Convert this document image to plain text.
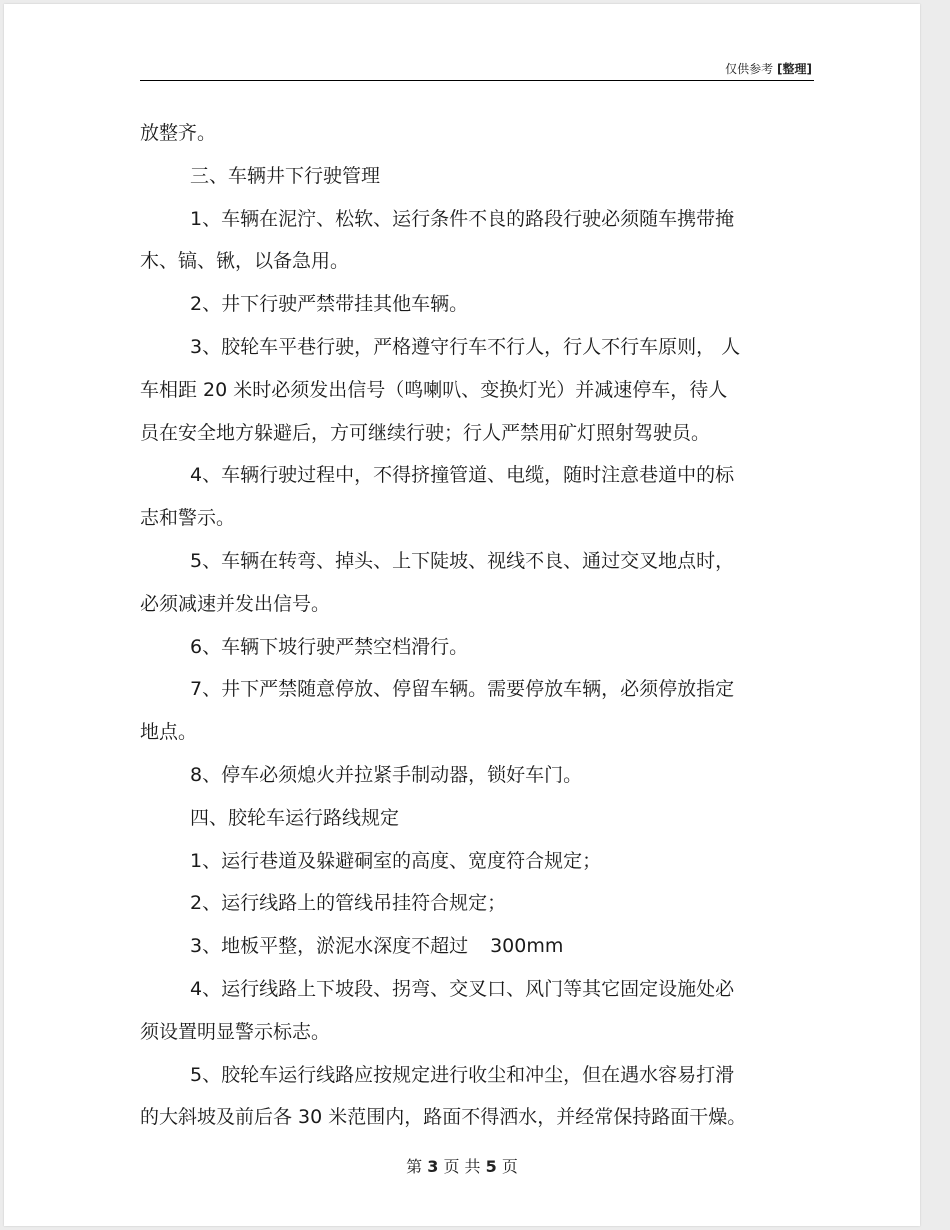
仅供参考 [整理]
放整齐。
三、车辆井下行驶管理
1、车辆在泥泞、松软、运行条件不良的路段行驶必须随车携带掩
木、镐、锹，以备急用。
2、井下行驶严禁带挂其他车辆。
3、胶轮车平巷行驶，严格遵守行车不行人，行人不行车原则， 人
车相距 20 米时必须发出信号（鸣喇叭、变换灯光）并减速停车，待人
员在安全地方躲避后，方可继续行驶；行人严禁用矿灯照射驾驶员。
4、车辆行驶过程中，不得挤撞管道、电缆，随时注意巷道中的标
志和警示。
5、车辆在转弯、掉头、上下陡坡、视线不良、通过交叉地点时，
必须减速并发出信号。
6、车辆下坡行驶严禁空档滑行。
7、井下严禁随意停放、停留车辆。需要停放车辆，必须停放指定
地点。
8、停车必须熄火并拉紧手制动器，锁好车门。
四、胶轮车运行路线规定
1、运行巷道及躲避硐室的高度、宽度符合规定；
2、运行线路上的管线吊挂符合规定；
3、地板平整，淤泥水深度不超过 300mm
4、运行线路上下坡段、拐弯、交叉口、风门等其它固定设施处必
须设置明显警示标志。
5、胶轮车运行线路应按规定进行收尘和冲尘，但在遇水容易打滑
的大斜坡及前后各 30 米范围内，路面不得洒水，并经常保持路面干燥。
第 3 页 共 5 页
